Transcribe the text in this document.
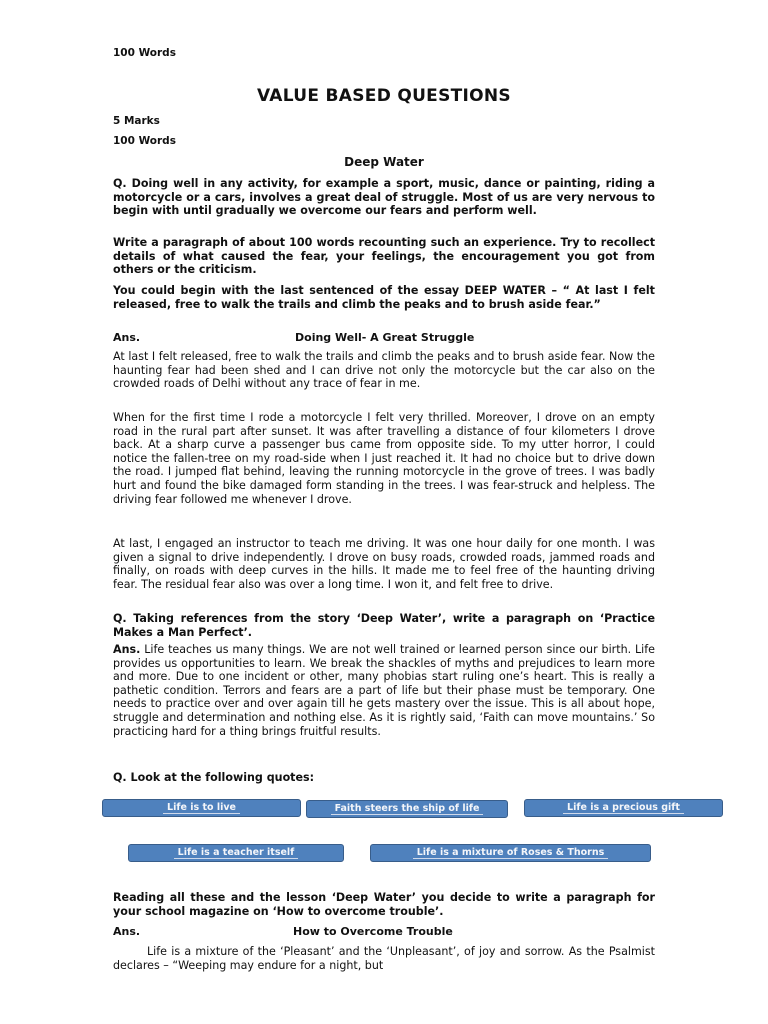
100 Words
VALUE BASED QUESTIONS
5 Marks
100 Words
Deep Water

Q. Doing well in any activity, for example a sport, music, dance or painting, riding a motorcycle or a cars, involves a great deal of struggle. Most of us are very nervous to begin with until gradually we overcome our fears and perform well.

Write a paragraph of about 100 words recounting such an experience. Try to recollect details of what caused the fear, your feelings, the encouragement you got from others or the criticism.

You could begin with the last sentenced of the essay DEEP WATER – “ At last I felt released, free to walk the trails and climb the peaks and to brush aside fear.”

Ans.	Doing Well- A Great Struggle

At last I felt released, free to walk the trails and climb the peaks and to brush aside fear. Now the haunting fear had been shed and I can drive not only the motorcycle but the car also on the crowded roads of Delhi without any trace of fear in me.

When for the first time I rode a motorcycle I felt very thrilled. Moreover, I drove on an empty road in the rural part after sunset. It was after travelling a distance of four kilometers I drove back. At a sharp curve a passenger bus came from opposite side. To my utter horror, I could notice the fallen-tree on my road-side when I just reached it. It had no choice but to drive down the road. I jumped flat behind, leaving the running motorcycle in the grove of trees. I was badly hurt and found the bike damaged form standing in the trees. I was fear-struck and helpless. The driving fear followed me whenever I drove.

At last, I engaged an instructor to teach me driving. It was one hour daily for one month. I was given a signal to drive independently. I drove on busy roads, crowded roads, jammed roads and finally, on roads with deep curves in the hills. It made me to feel free of the haunting driving fear. The residual fear also was over a long time. I won it, and felt free to drive.

Q. Taking references from the story ‘Deep Water’, write a paragraph on ‘Practice Makes a Man Perfect’.

Ans. Life teaches us many things. We are not well trained or learned person since our birth. Life provides us opportunities to learn. We break the shackles of myths and prejudices to learn more and more. Due to one incident or other, many phobias start ruling one’s heart. This is really a pathetic condition. Terrors and fears are a part of life but their phase must be temporary. One needs to practice over and over again till he gets mastery over the issue. This is all about hope, struggle and determination and nothing else. As it is rightly said, ‘Faith can move mountains.’ So practicing hard for a thing brings fruitful results.

Q. Look at the following quotes:

Life is to live	Faith steers the ship of life	Life is a precious gift
Life is a teacher itself	Life is a mixture of Roses & Thorns

Reading all these and the lesson ‘Deep Water’ you decide to write a paragraph for your school magazine on ‘How to overcome trouble’.

Ans.	How to Overcome Trouble

Life is a mixture of the ‘Pleasant’ and the ‘Unpleasant’, of joy and sorrow. As the Psalmist declares – “Weeping may endure for a night, but
